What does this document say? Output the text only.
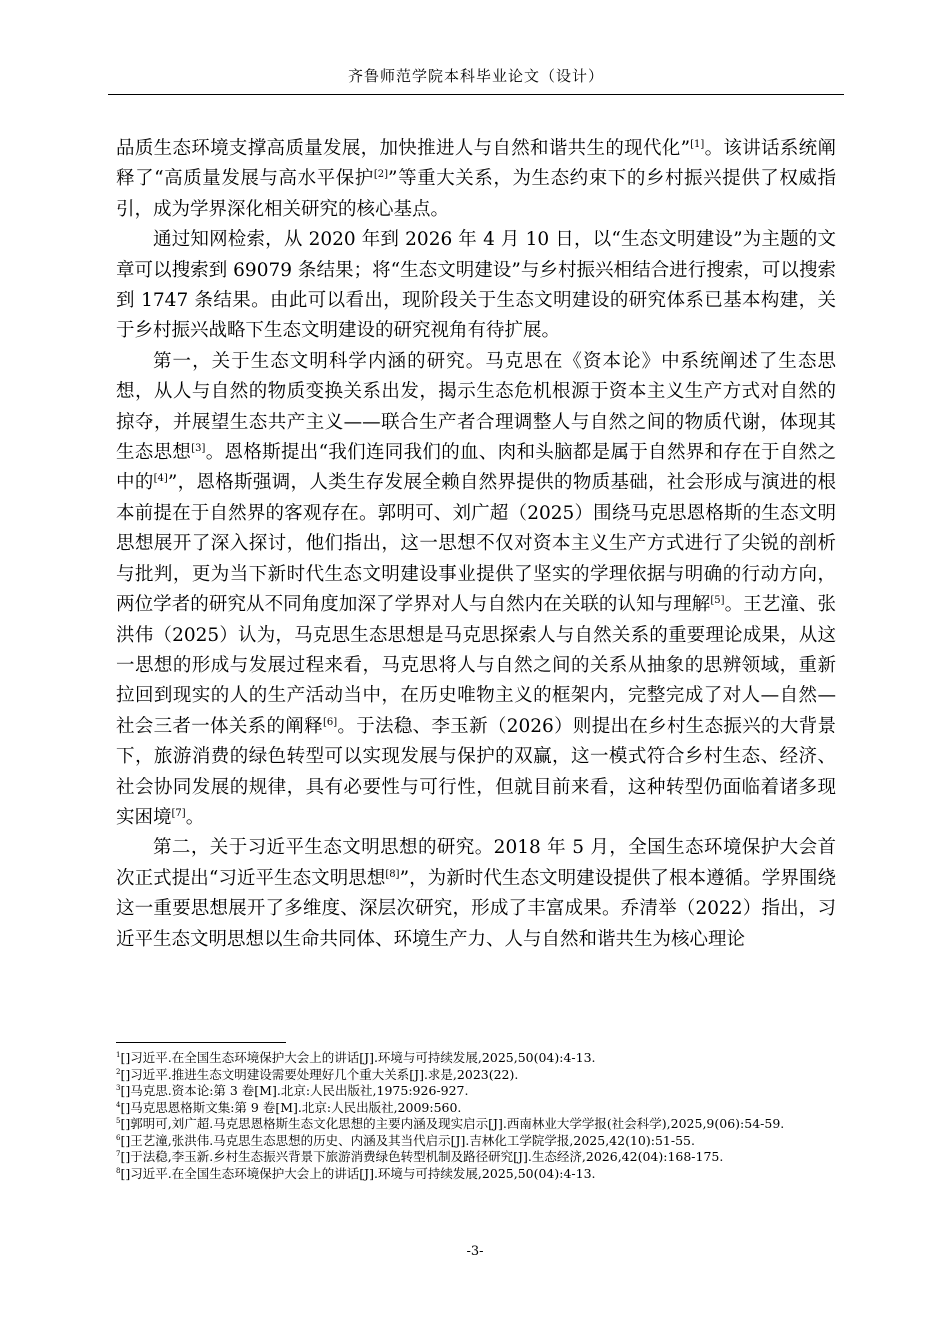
齐鲁师范学院本科毕业论文（设计）

品质生态环境支撑高质量发展，加快推进人与自然和谐共生的现代化”[1]。该讲话系统阐释了“高质量发展与高水平保护[2]”等重大关系，为生态约束下的乡村振兴提供了权威指引，成为学界深化相关研究的核心基点。

通过知网检索，从 2020 年到 2026 年 4 月 10 日，以“生态文明建设”为主题的文章可以搜索到 69079 条结果；将“生态文明建设”与乡村振兴相结合进行搜索，可以搜索到 1747 条结果。由此可以看出，现阶段关于生态文明建设的研究体系已基本构建，关于乡村振兴战略下生态文明建设的研究视角有待扩展。

第一，关于生态文明科学内涵的研究。马克思在《资本论》中系统阐述了生态思想，从人与自然的物质变换关系出发，揭示生态危机根源于资本主义生产方式对自然的掠夺，并展望生态共产主义——联合生产者合理调整人与自然之间的物质代谢，体现其生态思想[3]。恩格斯提出“我们连同我们的血、肉和头脑都是属于自然界和存在于自然之中的[4]”，恩格斯强调，人类生存发展全赖自然界提供的物质基础，社会形成与演进的根本前提在于自然界的客观存在。郭明可、刘广超（2025）围绕马克思恩格斯的生态文明思想展开了深入探讨，他们指出，这一思想不仅对资本主义生产方式进行了尖锐的剖析与批判，更为当下新时代生态文明建设事业提供了坚实的学理依据与明确的行动方向，两位学者的研究从不同角度加深了学界对人与自然内在关联的认知与理解[5]。王艺潼、张洪伟（2025）认为，马克思生态思想是马克思探索人与自然关系的重要理论成果，从这一思想的形成与发展过程来看，马克思将人与自然之间的关系从抽象的思辨领域，重新拉回到现实的人的生产活动当中，在历史唯物主义的框架内，完整完成了对人—自然—社会三者一体关系的阐释[6]。于法稳、李玉新（2026）则提出在乡村生态振兴的大背景下，旅游消费的绿色转型可以实现发展与保护的双赢，这一模式符合乡村生态、经济、社会协同发展的规律，具有必要性与可行性，但就目前来看，这种转型仍面临着诸多现实困境[7]。

第二，关于习近平生态文明思想的研究。2018 年 5 月，全国生态环境保护大会首次正式提出“习近平生态文明思想[8]”，为新时代生态文明建设提供了根本遵循。学界围绕这一重要思想展开了多维度、深层次研究，形成了丰富成果。乔清举（2022）指出，习近平生态文明思想以生命共同体、环境生产力、人与自然和谐共生为核心理论

$^1$[]习近平.在全国生态环境保护大会上的讲话[J].环境与可持续发展,2025,50(04):4-13.
$^2$[]习近平.推进生态文明建设需要处理好几个重大关系[J].求是,2023(22).
$^3$[]马克思.资本论:第 3 卷[M].北京:人民出版社,1975:926-927.
$^4$[]马克思恩格斯文集:第 9 卷[M].北京:人民出版社,2009:560.
$^5$[]郭明可,刘广超.马克思恩格斯生态文化思想的主要内涵及现实启示[J].西南林业大学学报(社会科学),2025,9(06):54-59.
$^6$[]王艺潼,张洪伟.马克思生态思想的历史、内涵及其当代启示[J].吉林化工学院学报,2025,42(10):51-55.
$^7$[]于法稳,李玉新.乡村生态振兴背景下旅游消费绿色转型机制及路径研究[J].生态经济,2026,42(04):168-175.
$^8$[]习近平.在全国生态环境保护大会上的讲话[J].环境与可持续发展,2025,50(04):4-13.
-3-
